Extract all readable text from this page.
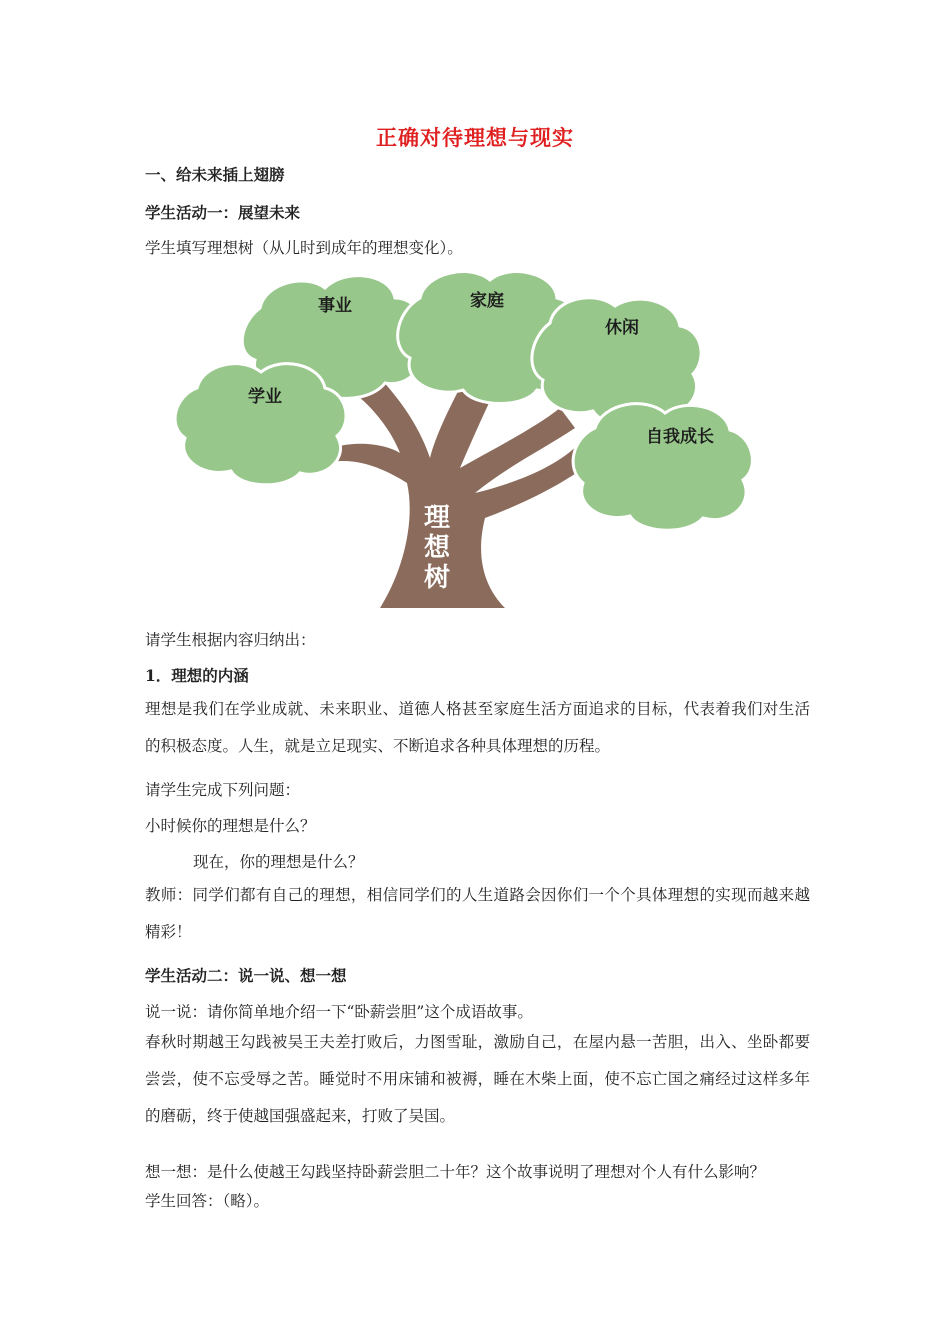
正确对待理想与现实
一、给未来插上翅膀
学生活动一：展望未来
学生填写理想树（从儿时到成年的理想变化）。
事业	家庭
休闲
学业
自我成长
理
想
树
请学生根据内容归纳出：
1．理想的内涵
理想是我们在学业成就、未来职业、道德人格甚至家庭生活方面追求的目标，代表着我们对生活的积极态度。人生，就是立足现实、不断追求各种具体理想的历程。
请学生完成下列问题：
小时候你的理想是什么？
现在，你的理想是什么？
教师：同学们都有自己的理想，相信同学们的人生道路会因你们一个个具体理想的实现而越来越精彩！
学生活动二：说一说、想一想
说一说：请你简单地介绍一下“卧薪尝胆”这个成语故事。
春秋时期越王勾践被吴王夫差打败后，力图雪耻，激励自己，在屋内悬一苦胆，出入、坐卧都要尝尝，使不忘受辱之苦。睡觉时不用床铺和被褥，睡在木柴上面，使不忘亡国之痛经过这样多年的磨砺，终于使越国强盛起来，打败了吴国。
想一想：是什么使越王勾践坚持卧薪尝胆二十年？这个故事说明了理想对个人有什么影响？
学生回答：（略）。
